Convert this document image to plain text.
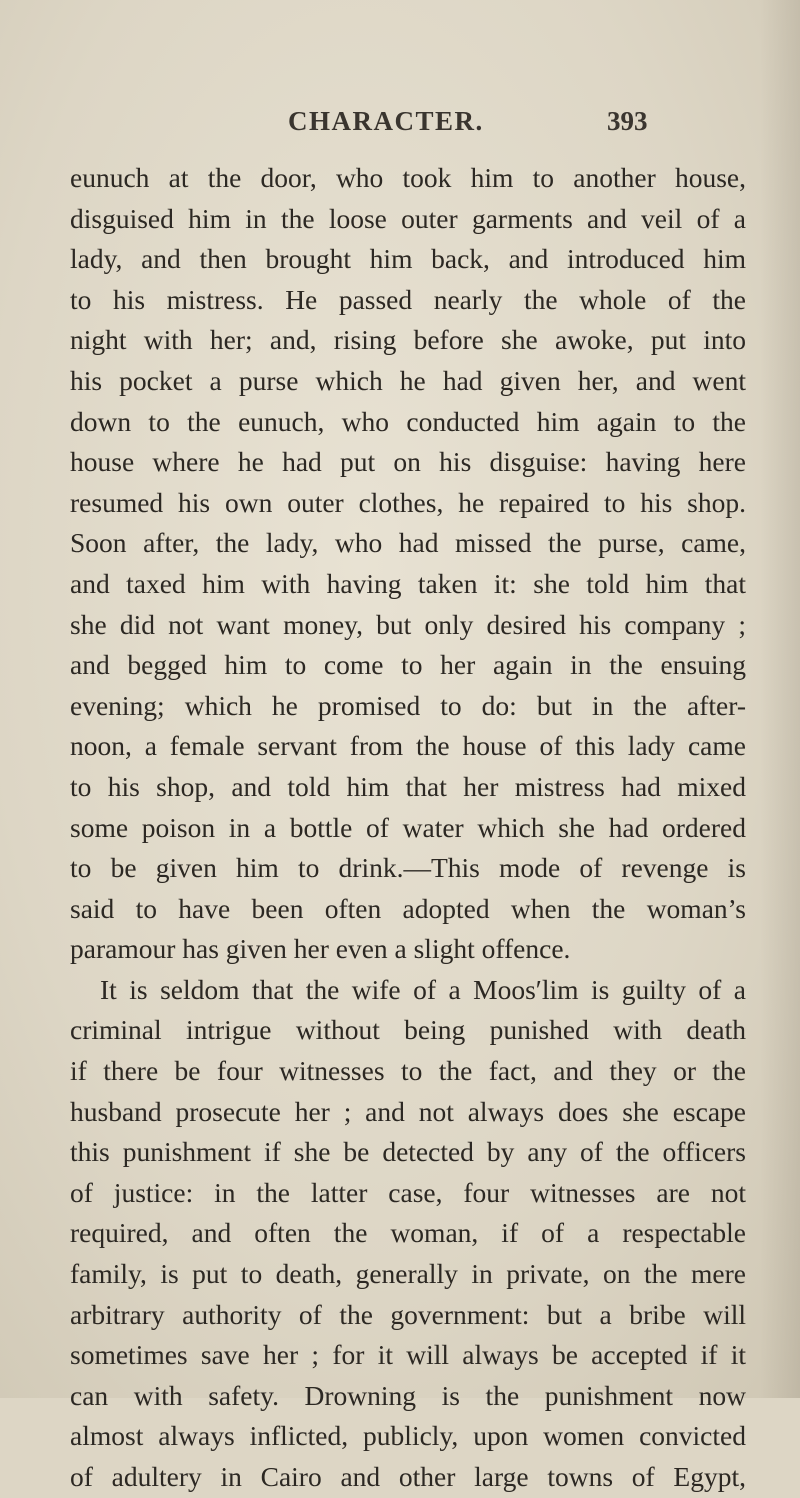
CHARACTER.	393
eunuch at the door, who took him to another house,
disguised him in the loose outer garments and veil of a
lady, and then brought him back, and introduced him
to his mistress. He passed nearly the whole of the
night with her; and, rising before she awoke, put into
his pocket a purse which he had given her, and went
down to the eunuch, who conducted him again to the
house where he had put on his disguise: having here
resumed his own outer clothes, he repaired to his shop.
Soon after, the lady, who had missed the purse, came,
and taxed him with having taken it: she told him that
she did not want money, but only desired his company ;
and begged him to come to her again in the ensuing
evening; which he promised to do: but in the after-
noon, a female servant from the house of this lady came
to his shop, and told him that her mistress had mixed
some poison in a bottle of water which she had ordered
to be given him to drink.—This mode of revenge is
said to have been often adopted when the woman’s
paramour has given her even a slight offence.
It is seldom that the wife of a Moos′lim is guilty of a
criminal intrigue without being punished with death
if there be four witnesses to the fact, and they or the
husband prosecute her ; and not always does she escape
this punishment if she be detected by any of the officers
of justice: in the latter case, four witnesses are not
required, and often the woman, if of a respectable
family, is put to death, generally in private, on the mere
arbitrary authority of the government: but a bribe will
sometimes save her ; for it will always be accepted if it
can with safety. Drowning is the punishment now
almost always inflicted, publicly, upon women convicted
of adultery in Cairo and other large towns of Egypt,
